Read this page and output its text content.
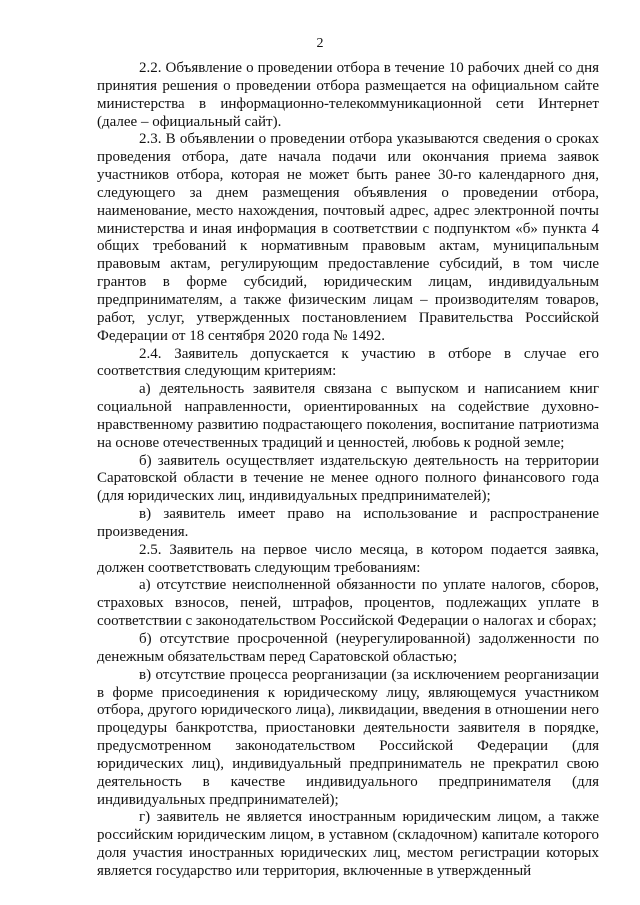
2

2.2. Объявление о проведении отбора в течение 10 рабочих дней со дня принятия решения о проведении отбора размещается на официальном сайте министерства в информационно-телекоммуникационной сети Интернет (далее – официальный сайт).

2.3. В объявлении о проведении отбора указываются сведения о сроках проведения отбора, дате начала подачи или окончания приема заявок участников отбора, которая не может быть ранее 30-го календарного дня, следующего за днем размещения объявления о проведении отбора, наименование, место нахождения, почтовый адрес, адрес электронной почты министерства и иная информация в соответствии с подпунктом «б» пункта 4 общих требований к нормативным правовым актам, муниципальным правовым актам, регулирующим предоставление субсидий, в том числе грантов в форме субсидий, юридическим лицам, индивидуальным предпринимателям, а также физическим лицам – производителям товаров, работ, услуг, утвержденных постановлением Правительства Российской Федерации от 18 сентября 2020 года № 1492.

2.4. Заявитель допускается к участию в отборе в случае его соответствия следующим критериям:

а) деятельность заявителя связана с выпуском и написанием книг социальной направленности, ориентированных на содействие духовно-нравственному развитию подрастающего поколения, воспитание патриотизма на основе отечественных традиций и ценностей, любовь к родной земле;

б) заявитель осуществляет издательскую деятельность на территории Саратовской области в течение не менее одного полного финансового года (для юридических лиц, индивидуальных предпринимателей);

в) заявитель имеет право на использование и распространение произведения.

2.5. Заявитель на первое число месяца, в котором подается заявка, должен соответствовать следующим требованиям:

а) отсутствие неисполненной обязанности по уплате налогов, сборов, страховых взносов, пеней, штрафов, процентов, подлежащих уплате в соответствии с законодательством Российской Федерации о налогах и сборах;

б) отсутствие просроченной (неурегулированной) задолженности по денежным обязательствам перед Саратовской областью;

в) отсутствие процесса реорганизации (за исключением реорганизации в форме присоединения к юридическому лицу, являющемуся участником отбора, другого юридического лица), ликвидации, введения в отношении него процедуры банкротства, приостановки деятельности заявителя в порядке, предусмотренном законодательством Российской Федерации (для юридических лиц), индивидуальный предприниматель не прекратил свою деятельность в качестве индивидуального предпринимателя (для индивидуальных предпринимателей);

г) заявитель не является иностранным юридическим лицом, а также российским юридическим лицом, в уставном (складочном) капитале которого доля участия иностранных юридических лиц, местом регистрации которых является государство или территория, включенные в утвержденный
